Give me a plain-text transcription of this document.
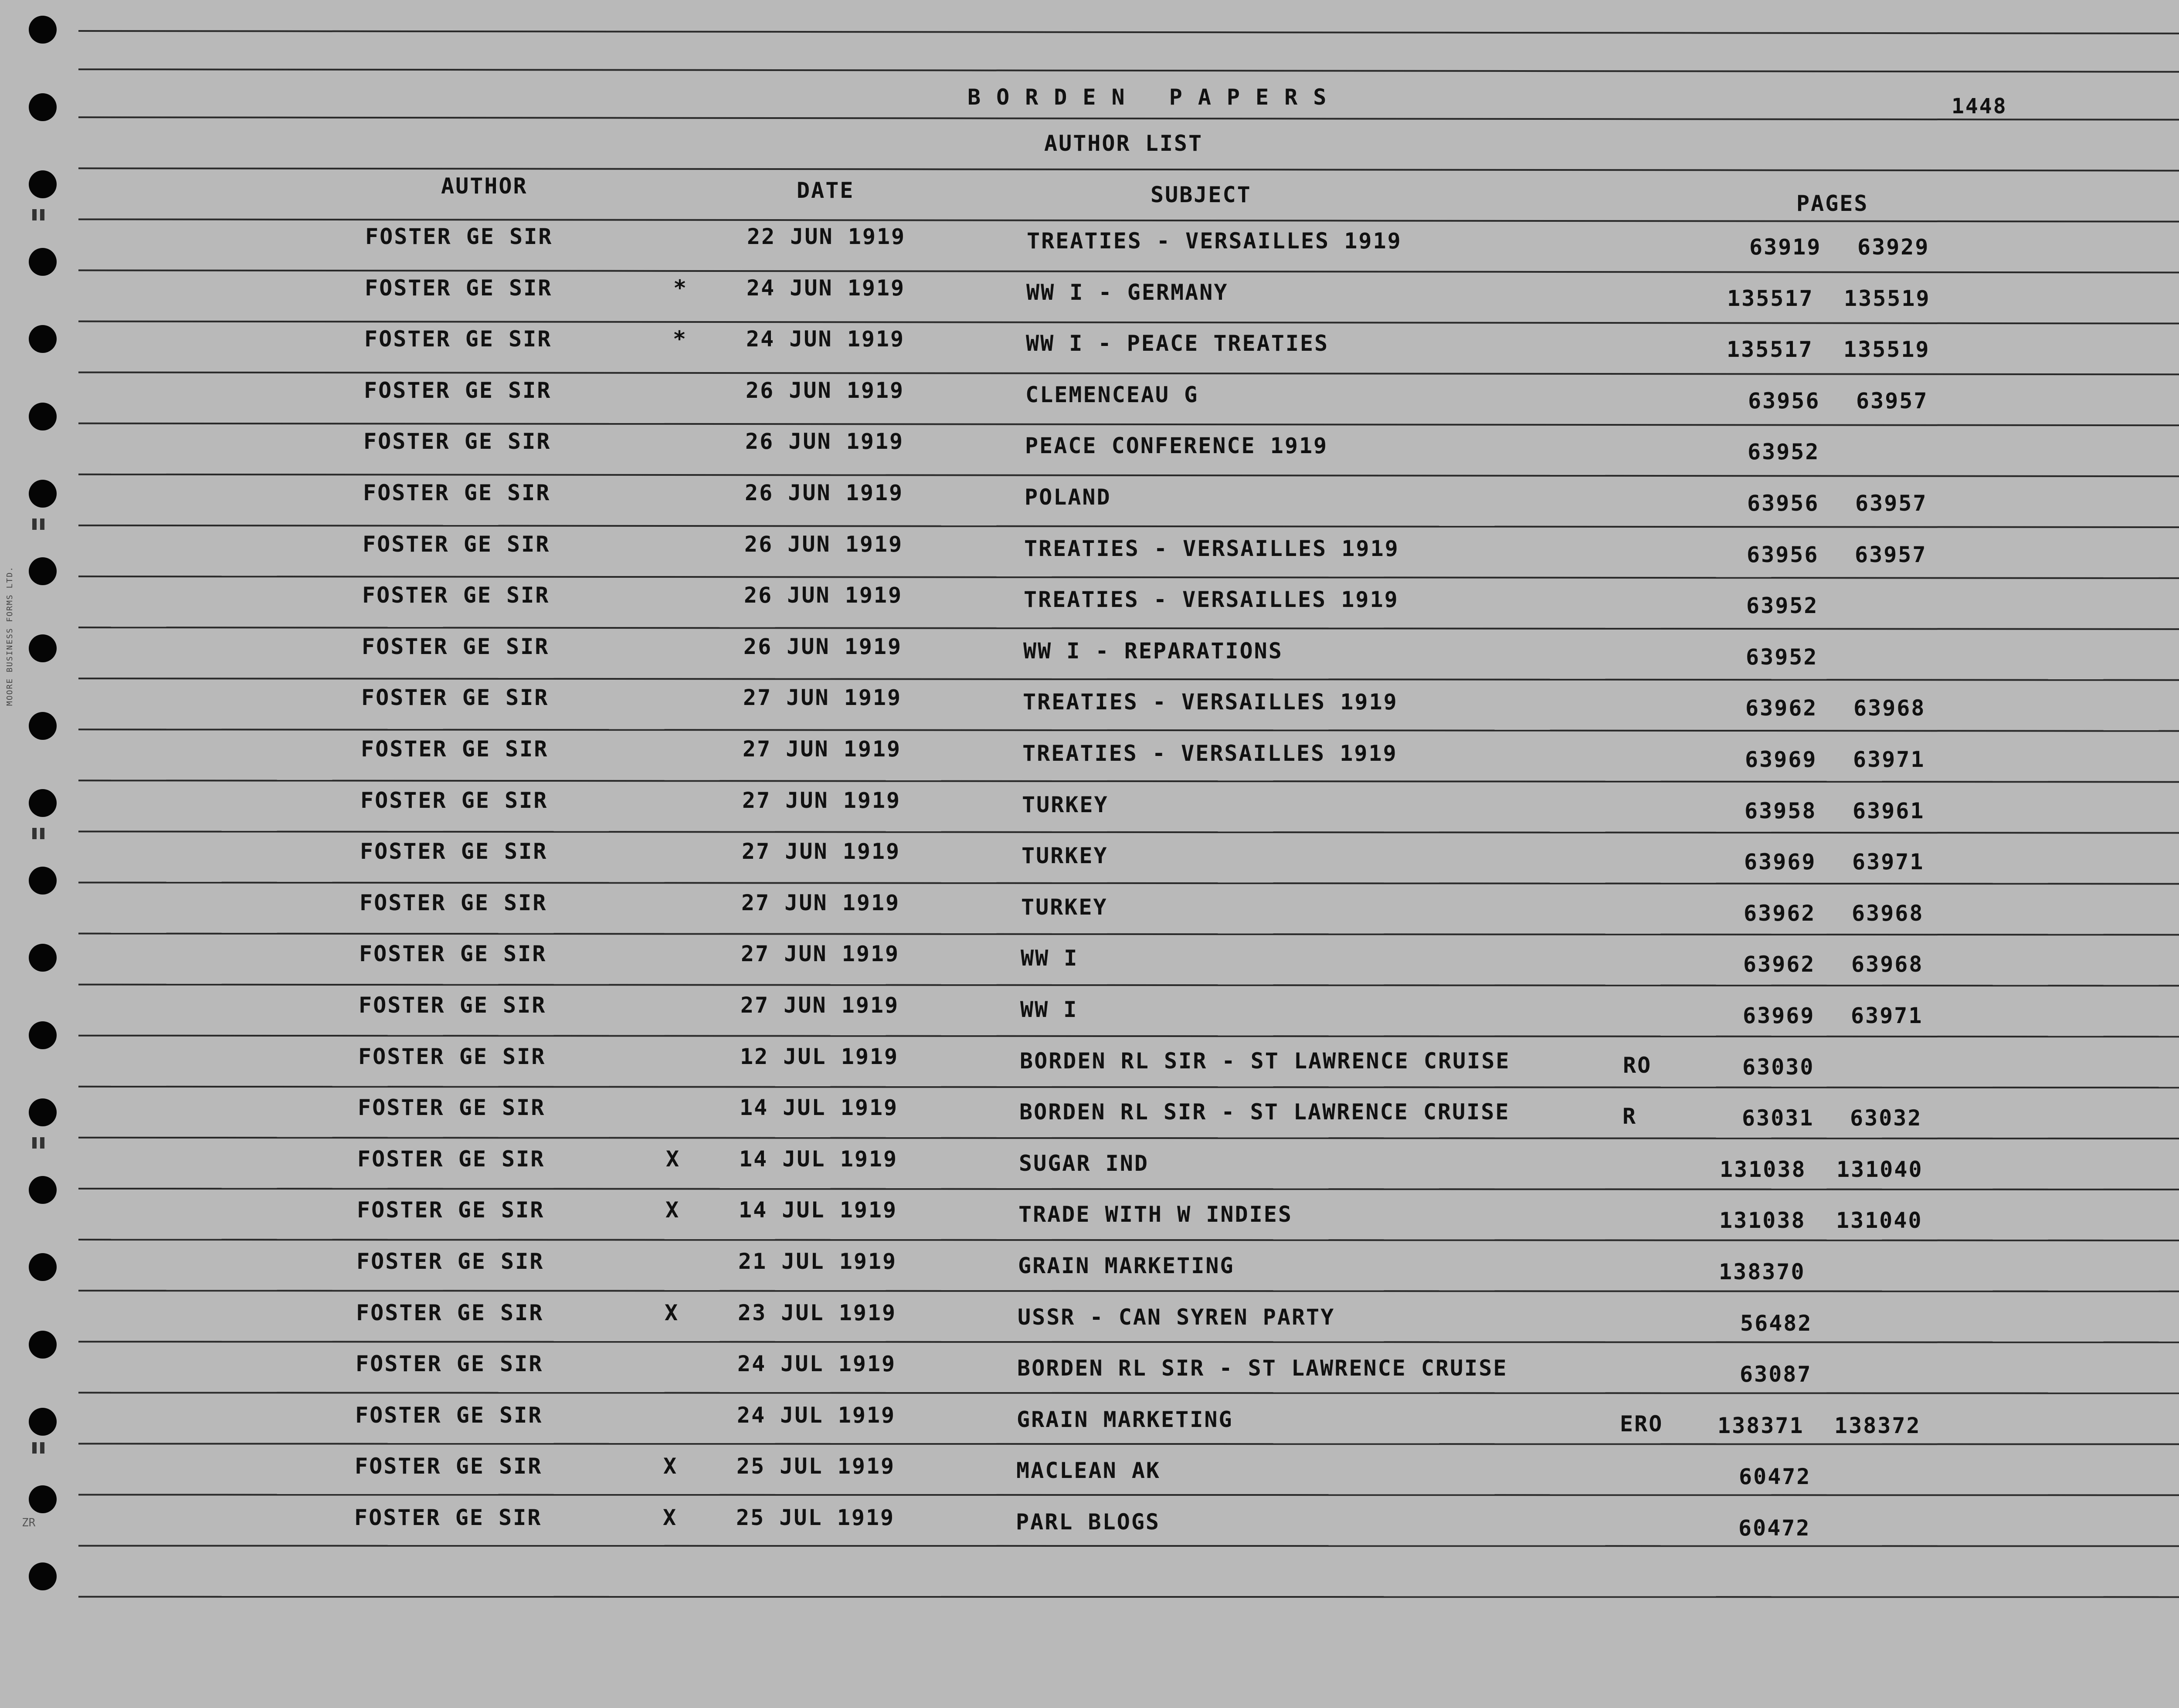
MOORE BUSINESS FORMS LTD.
ZR
BORDEN PAPERS	1448
AUTHOR LIST
AUTHOR	DATE	SUBJECT	PAGES
FOSTER GE SIR	22 JUN 1919	TREATIES - VERSAILLES 1919	63919 63929
FOSTER GE SIR	*	24 JUN 1919	WW I - GERMANY	135517 135519
FOSTER GE SIR	*	24 JUN 1919	WW I - PEACE TREATIES	135517 135519
FOSTER GE SIR	26 JUN 1919	CLEMENCEAU G	63956 63957
FOSTER GE SIR	26 JUN 1919	PEACE CONFERENCE 1919	63952
FOSTER GE SIR	26 JUN 1919	POLAND	63956 63957
FOSTER GE SIR	26 JUN 1919	TREATIES - VERSAILLES 1919	63956 63957
FOSTER GE SIR	26 JUN 1919	TREATIES - VERSAILLES 1919	63952
FOSTER GE SIR	26 JUN 1919	WW I - REPARATIONS	63952
FOSTER GE SIR	27 JUN 1919	TREATIES - VERSAILLES 1919	63962 63968
FOSTER GE SIR	27 JUN 1919	TREATIES - VERSAILLES 1919	63969 63971
FOSTER GE SIR	27 JUN 1919	TURKEY	63958 63961
FOSTER GE SIR	27 JUN 1919	TURKEY	63969 63971
FOSTER GE SIR	27 JUN 1919	TURKEY	63962 63968
FOSTER GE SIR	27 JUN 1919	WW I	63962 63968
FOSTER GE SIR	27 JUN 1919	WW I	63969 63971
FOSTER GE SIR	12 JUL 1919	BORDEN RL SIR - ST LAWRENCE CRUISE	RO	63030
FOSTER GE SIR	14 JUL 1919	BORDEN RL SIR - ST LAWRENCE CRUISE	R	63031 63032
FOSTER GE SIR	X	14 JUL 1919	SUGAR IND	131038 131040
FOSTER GE SIR	X	14 JUL 1919	TRADE WITH W INDIES	131038 131040
FOSTER GE SIR	21 JUL 1919	GRAIN MARKETING	138370
FOSTER GE SIR	X	23 JUL 1919	USSR - CAN SYREN PARTY	56482
FOSTER GE SIR	24 JUL 1919	BORDEN RL SIR - ST LAWRENCE CRUISE	63087
FOSTER GE SIR	24 JUL 1919	GRAIN MARKETING	ERO 138371 138372
FOSTER GE SIR	X	25 JUL 1919	MACLEAN AK	60472
FOSTER GE SIR	X	25 JUL 1919	PARL BLOGS	60472
